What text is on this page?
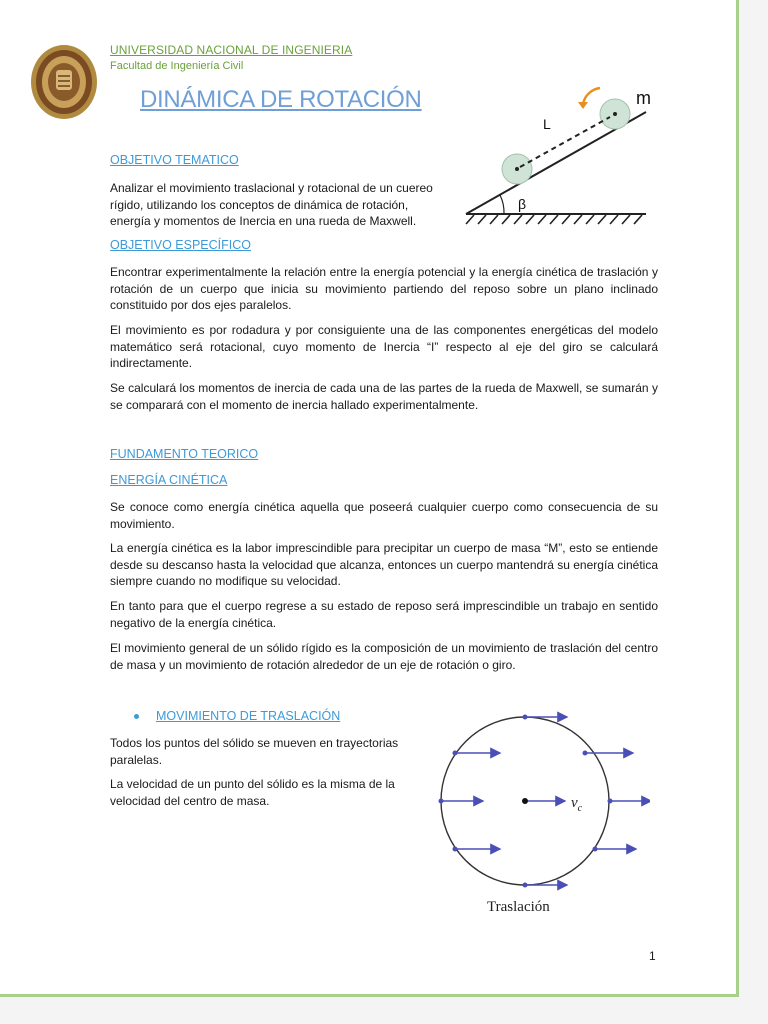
UNIVERSIDAD NACIONAL DE INGENIERIA
Facultad de Ingeniería Civil
DINÁMICA DE ROTACIÓN	m
L
β
OBJETIVO TEMATICO

Analizar el movimiento traslacional y rotacional de un cuereo rígido, utilizando los conceptos de dinámica de rotación, energía y momentos de Inercia en una rueda de Maxwell.

OBJETIVO ESPECÍFICO

Encontrar experimentalmente la relación entre la energía potencial y la energía cinética de traslación y rotación de un cuerpo que inicia su movimiento partiendo del reposo sobre un plano inclinado constituido por dos ejes paralelos.

El movimiento es por rodadura y por consiguiente una de las componentes energéticas del modelo matemático será rotacional, cuyo momento de Inercia “I” respecto al eje del giro se calculará indirectamente.

Se calculará los momentos de inercia de cada una de las partes de la rueda de Maxwell, se sumarán y se comparará con el momento de inercia hallado experimentalmente.

FUNDAMENTO TEORICO
ENERGÍA CINÉTICA

Se conoce como energía cinética aquella que poseerá cualquier cuerpo como consecuencia de su movimiento.

La energía cinética es la labor imprescindible para precipitar un cuerpo de masa “M”, esto se entiende desde su descanso hasta la velocidad que alcanza, entonces un cuerpo mantendrá su energía cinética siempre cuando no modifique su velocidad.

En tanto para que el cuerpo regrese a su estado de reposo será imprescindible un trabajo en sentido negativo de la energía cinética.

El movimiento general de un sólido rígido es la composición de un movimiento de traslación del centro de masa y un movimiento de rotación alrededor de un eje de rotación o giro.

MOVIMIENTO DE TRASLACIÓN

Todos los puntos del sólido se mueven en trayectorias paralelas.

La velocidad de un punto del sólido es la misma de la velocidad del centro de masa.	$v_c$
Traslación
1
